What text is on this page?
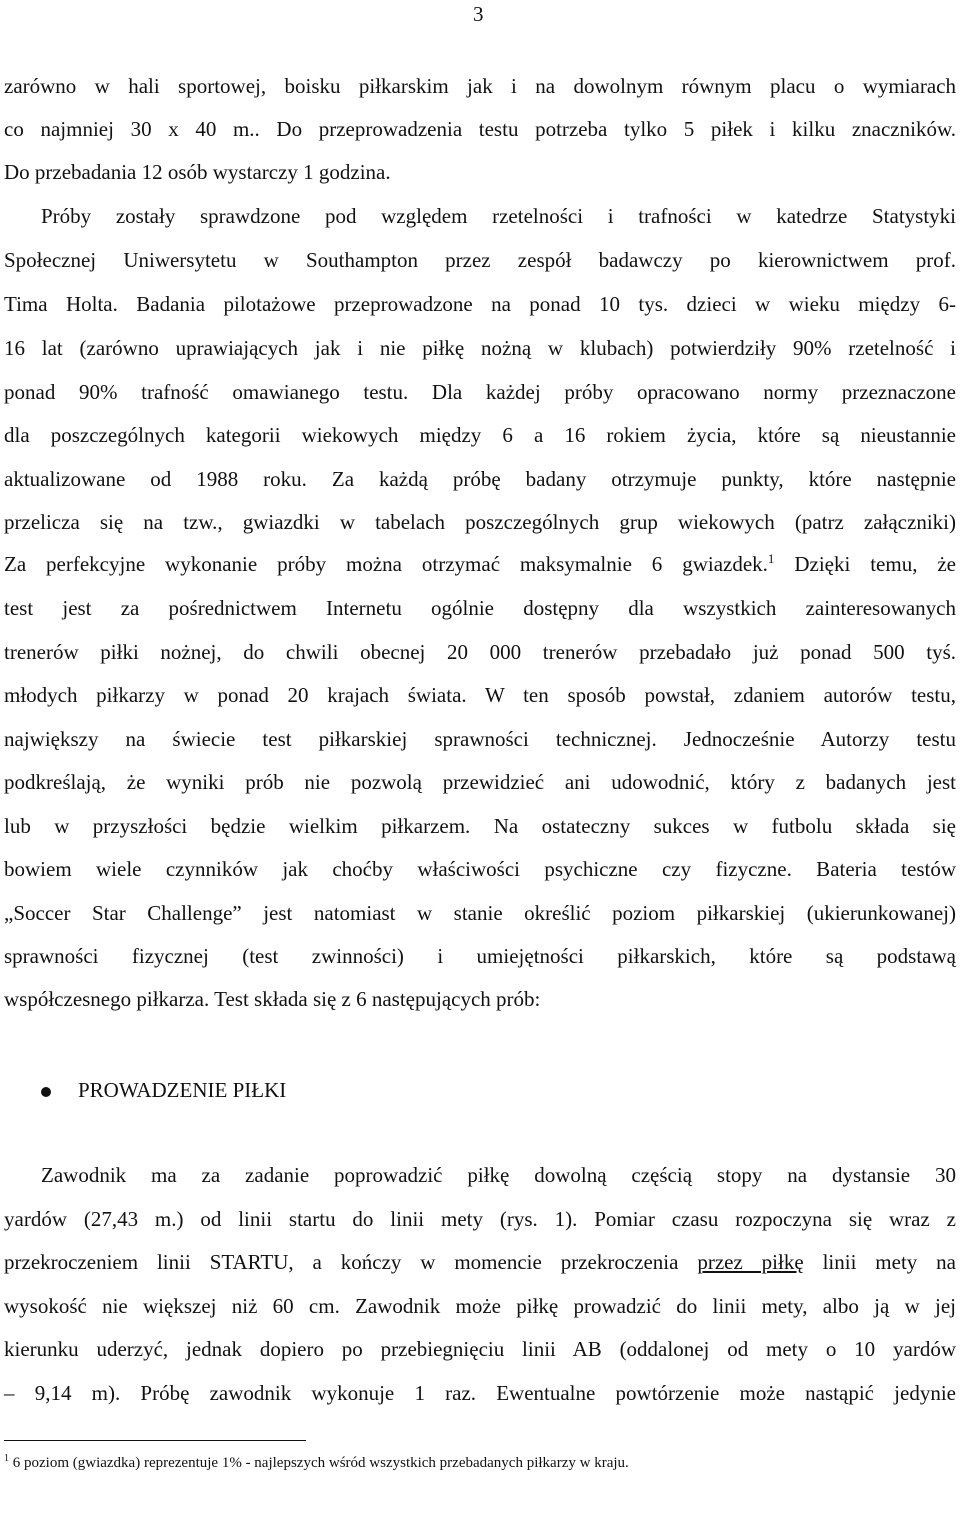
3
zarówno w hali sportowej, boisku piłkarskim jak i na dowolnym równym placu o wymiarach
co najmniej 30 x 40 m.. Do przeprowadzenia testu potrzeba tylko 5 piłek i kilku znaczników.
Do przebadania 12 osób wystarczy 1 godzina.
Próby zostały sprawdzone pod względem rzetelności i trafności w katedrze Statystyki
Społecznej Uniwersytetu w Southampton przez zespół badawczy po kierownictwem prof.
Tima Holta. Badania pilotażowe przeprowadzone na ponad 10 tys. dzieci w wieku między 6-
16 lat (zarówno uprawiających jak i nie piłkę nożną w klubach) potwierdziły 90% rzetelność i
ponad 90% trafność omawianego testu. Dla każdej próby opracowano normy przeznaczone
dla poszczególnych kategorii wiekowych między 6 a 16 rokiem życia, które są nieustannie
aktualizowane od 1988 roku. Za każdą próbę badany otrzymuje punkty, które następnie
przelicza się na tzw., gwiazdki w tabelach poszczególnych grup wiekowych (patrz załączniki)
Za perfekcyjne wykonanie próby można otrzymać maksymalnie 6 gwiazdek.$^1$ Dzięki temu, że
test jest za pośrednictwem Internetu ogólnie dostępny dla wszystkich zainteresowanych
trenerów piłki nożnej, do chwili obecnej 20 000 trenerów przebadało już ponad 500 tyś.
młodych piłkarzy w ponad 20 krajach świata. W ten sposób powstał, zdaniem autorów testu,
największy na świecie test piłkarskiej sprawności technicznej. Jednocześnie Autorzy testu
podkreślają, że wyniki prób nie pozwolą przewidzieć ani udowodnić, który z badanych jest
lub w przyszłości będzie wielkim piłkarzem. Na ostateczny sukces w futbolu składa się
bowiem wiele czynników jak choćby właściwości psychiczne czy fizyczne. Bateria testów
„Soccer Star Challenge” jest natomiast w stanie określić poziom piłkarskiej (ukierunkowanej)
sprawności fizycznej (test zwinności) i umiejętności piłkarskich, które są podstawą
współczesnego piłkarza. Test składa się z 6 następujących prób:
PROWADZENIE PIŁKI
Zawodnik ma za zadanie poprowadzić piłkę dowolną częścią stopy na dystansie 30
yardów (27,43 m.) od linii startu do linii mety (rys. 1). Pomiar czasu rozpoczyna się wraz z
przekroczeniem linii STARTU, a kończy w momencie przekroczenia przez piłkę linii mety na
wysokość nie większej niż 60 cm. Zawodnik może piłkę prowadzić do linii mety, albo ją w jej
kierunku uderzyć, jednak dopiero po przebiegnięciu linii AB (oddalonej od mety o 10 yardów
– 9,14 m). Próbę zawodnik wykonuje 1 raz. Ewentualne powtórzenie może nastąpić jedynie
$^1$ 6 poziom (gwiazdka) reprezentuje 1% - najlepszych wśród wszystkich przebadanych piłkarzy w kraju.
